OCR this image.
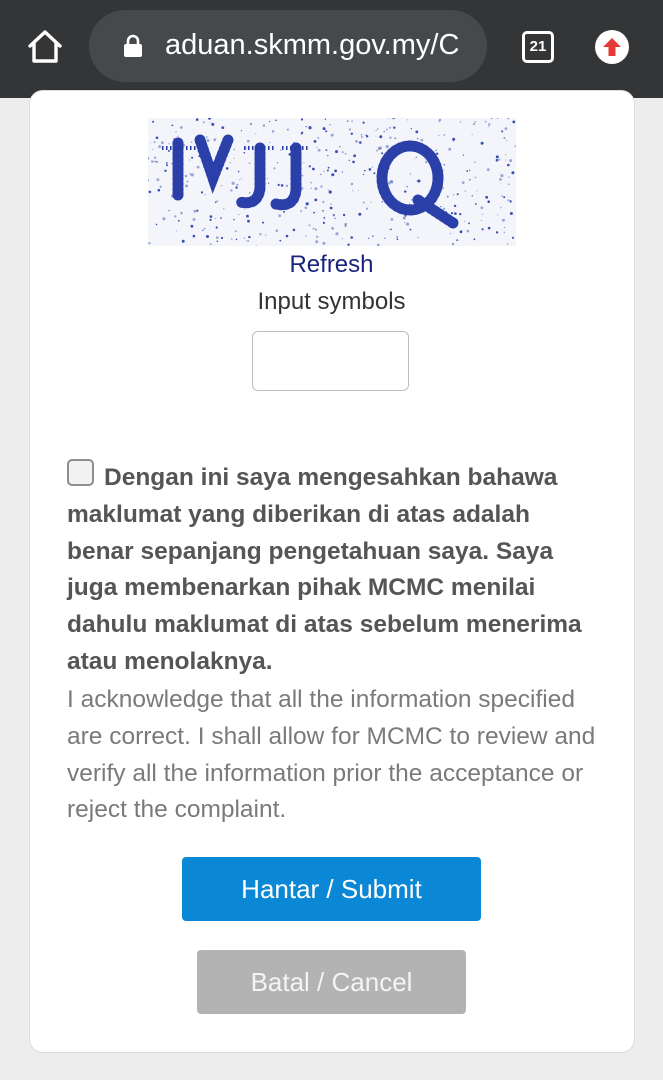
aduan.skmm.gov.my/C	21
Refresh
Input symbols

Dengan ini saya mengesahkan bahawa maklumat yang diberikan di atas adalah benar sepanjang pengetahuan saya. Saya juga membenarkan pihak MCMC menilai dahulu maklumat di atas sebelum menerima atau menolaknya.

I acknowledge that all the information specified are correct. I shall allow for MCMC to review and verify all the information prior the acceptance or reject the complaint.

Hantar / Submit
Batal / Cancel
